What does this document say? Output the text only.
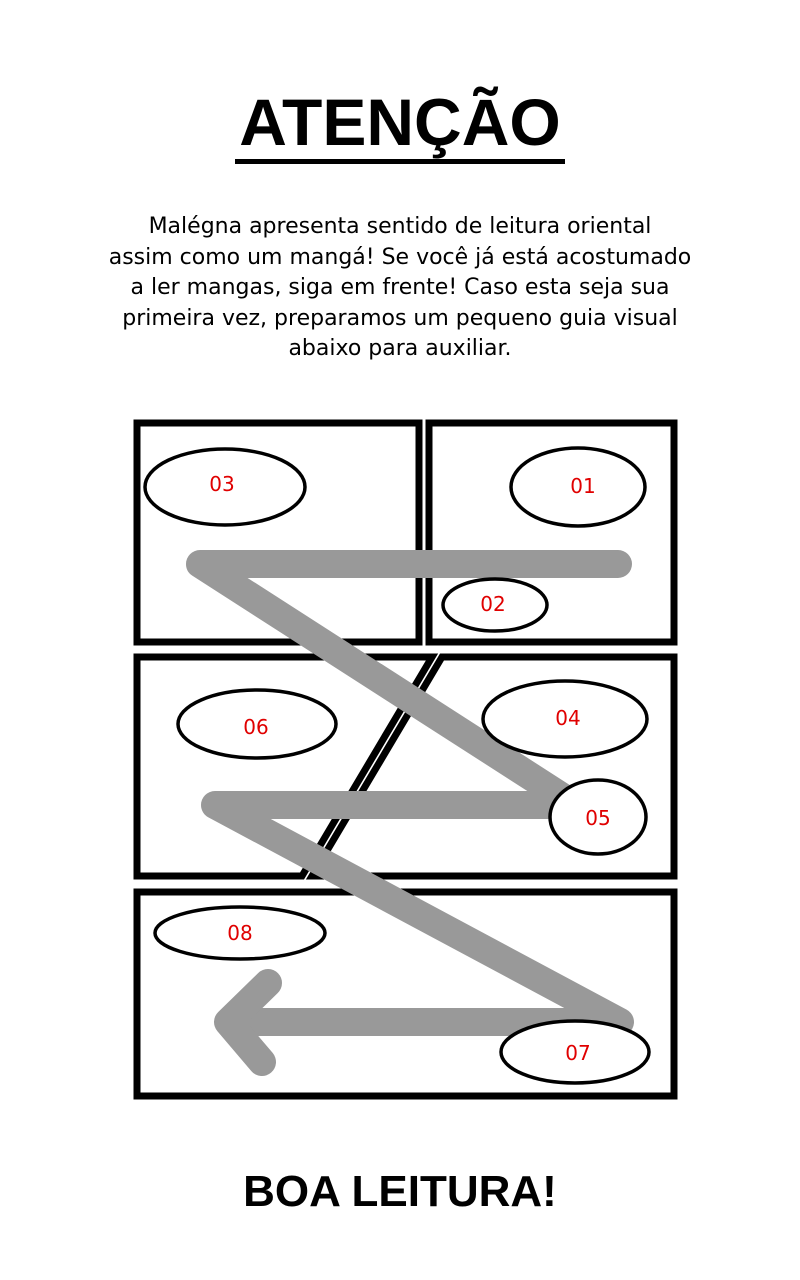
ATENÇÃO
Malégna apresenta sentido de leitura oriental
assim como um mangá! Se você já está acostumado
a ler mangas, siga em frente! Caso esta seja sua
primeira vez, preparamos um pequeno guia visual
abaixo para auxiliar.
03	01
02
06	04
05
08
07
BOA LEITURA!
